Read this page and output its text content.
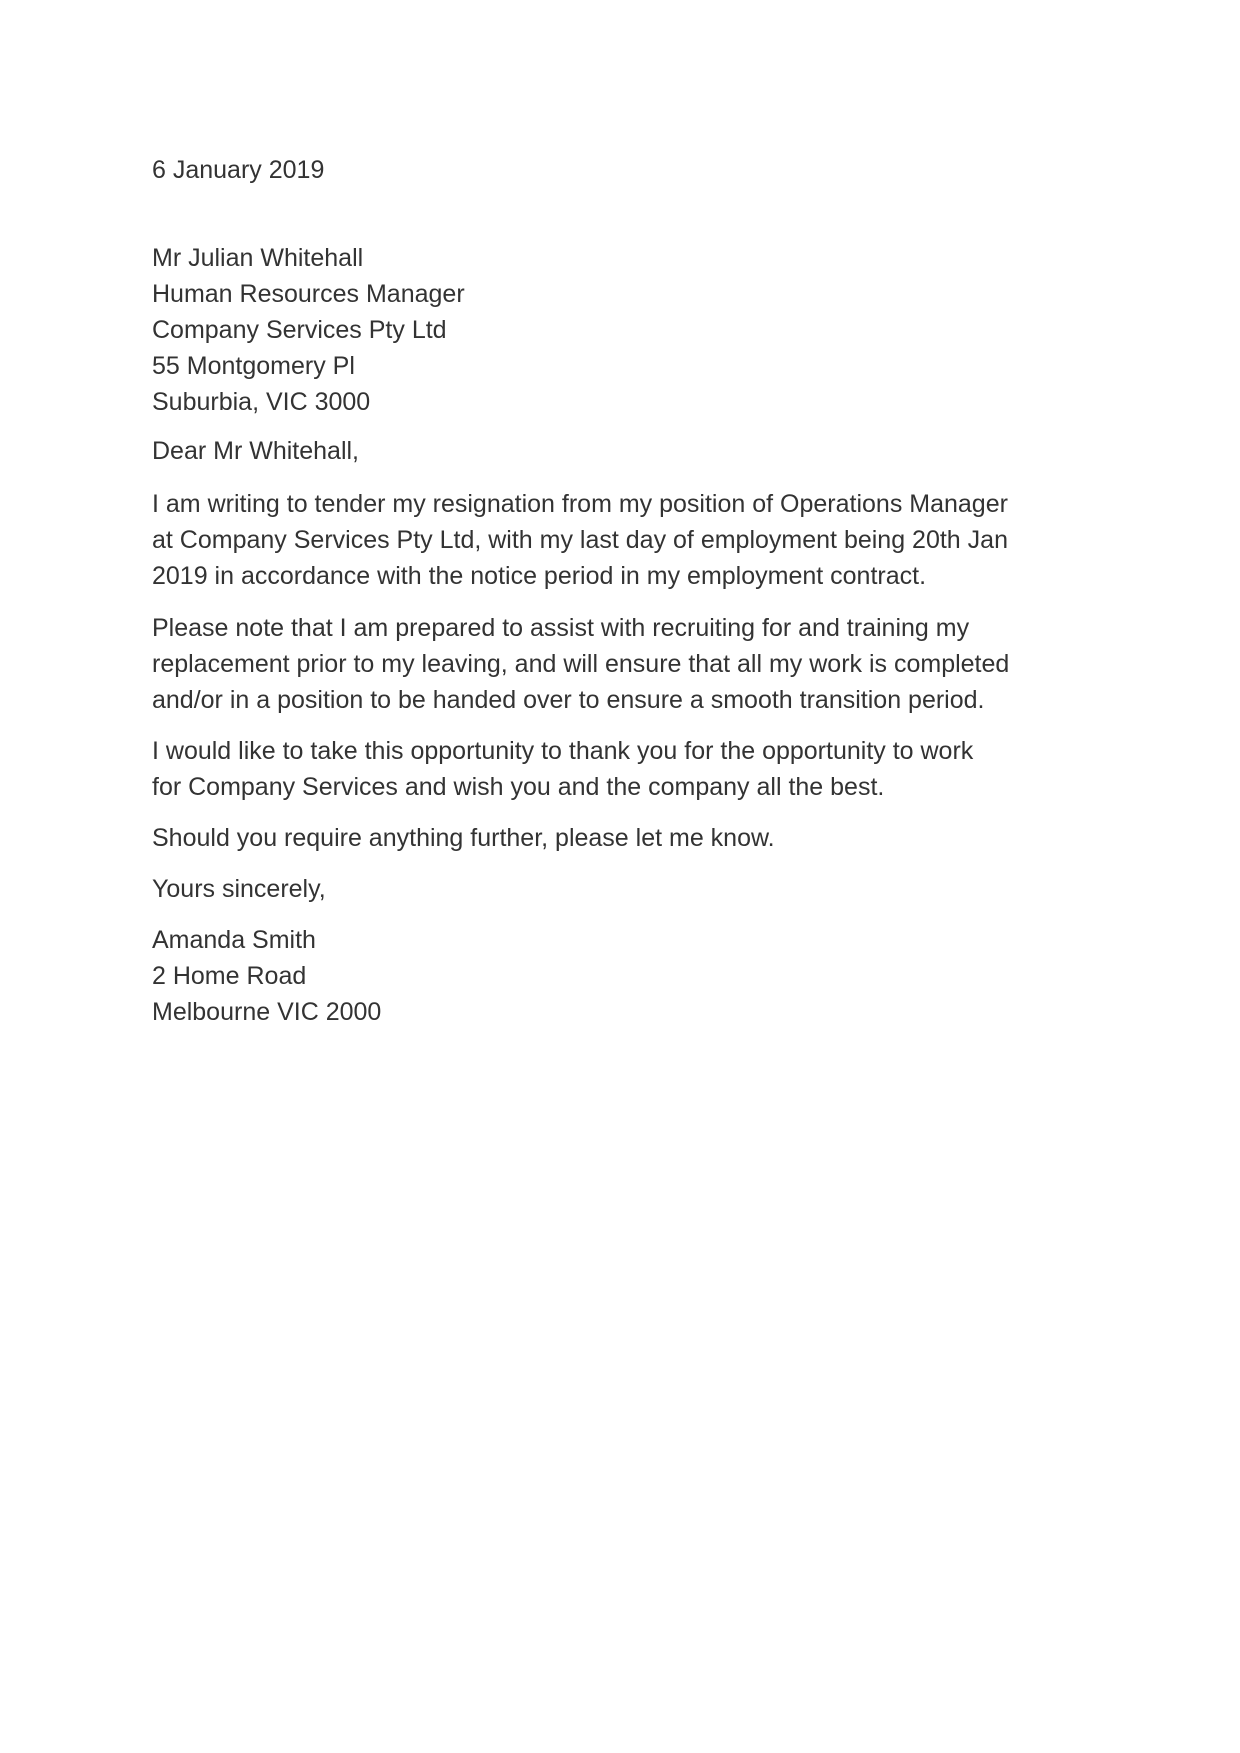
6 January 2019

Mr Julian Whitehall
Human Resources Manager
Company Services Pty Ltd
55 Montgomery Pl
Suburbia, VIC 3000

Dear Mr Whitehall,

I am writing to tender my resignation from my position of Operations Manager
at Company Services Pty Ltd, with my last day of employment being 20th Jan
2019 in accordance with the notice period in my employment contract.

Please note that I am prepared to assist with recruiting for and training my
replacement prior to my leaving, and will ensure that all my work is completed
and/or in a position to be handed over to ensure a smooth transition period.

I would like to take this opportunity to thank you for the opportunity to work
for Company Services and wish you and the company all the best.

Should you require anything further, please let me know.

Yours sincerely,

Amanda Smith
2 Home Road
Melbourne VIC 2000
